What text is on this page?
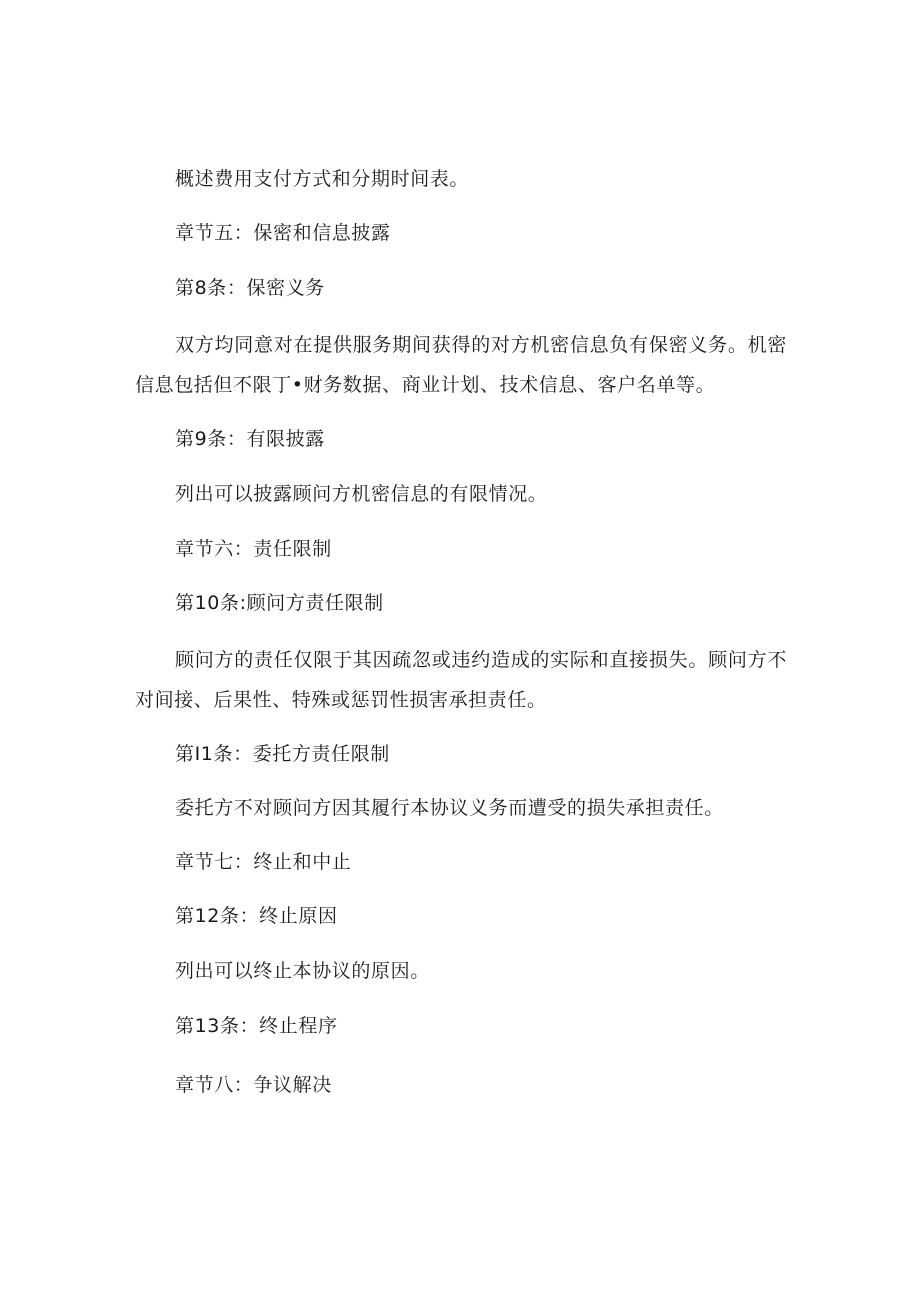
概述费用支付方式和分期时间表。
章节五：保密和信息披露
第8条：保密义务
双方均同意对在提供服务期间获得的对方机密信息负有保密义务。机密信息包括但不限丁•财务数据、商业计划、技术信息、客户名单等。
第9条：有限披露
列出可以披露顾问方机密信息的有限情况。
章节六：责任限制
第10条:顾问方责任限制
顾问方的责任仅限于其因疏忽或违约造成的实际和直接损失。顾问方不对间接、后果性、特殊或惩罚性损害承担责任。
第I1条：委托方责任限制
委托方不对顾问方因其履行本协议义务而遭受的损失承担责任。
章节七：终止和中止
第12条：终止原因
列出可以终止本协议的原因。
第13条：终止程序
章节八：争议解决
